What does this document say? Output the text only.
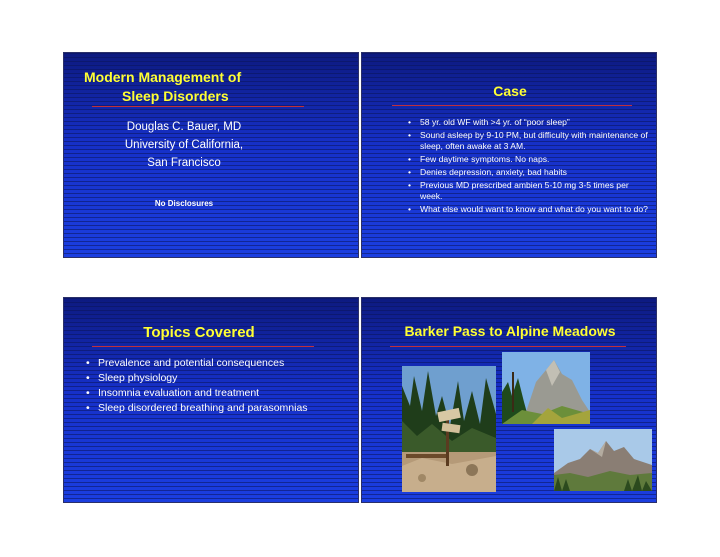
Modern Management of
Sleep Disorders
Douglas C. Bauer, MD
University of California,
San Francisco
No Disclosures
Case
• 58 yr. old WF with >4 yr. of “poor sleep”
• Sound asleep by 9-10 PM, but difficulty with maintenance of sleep, often awake at 3 AM.
• Few daytime symptoms. No naps.
• Denies depression, anxiety, bad habits
• Previous MD prescribed ambien 5-10 mg 3-5 times per week.
• What else would want to know and what do you want to do?
Topics Covered
• Prevalence and potential consequences
• Sleep physiology
• Insomnia evaluation and treatment
• Sleep disordered breathing and parasomnias
Barker Pass to Alpine Meadows
